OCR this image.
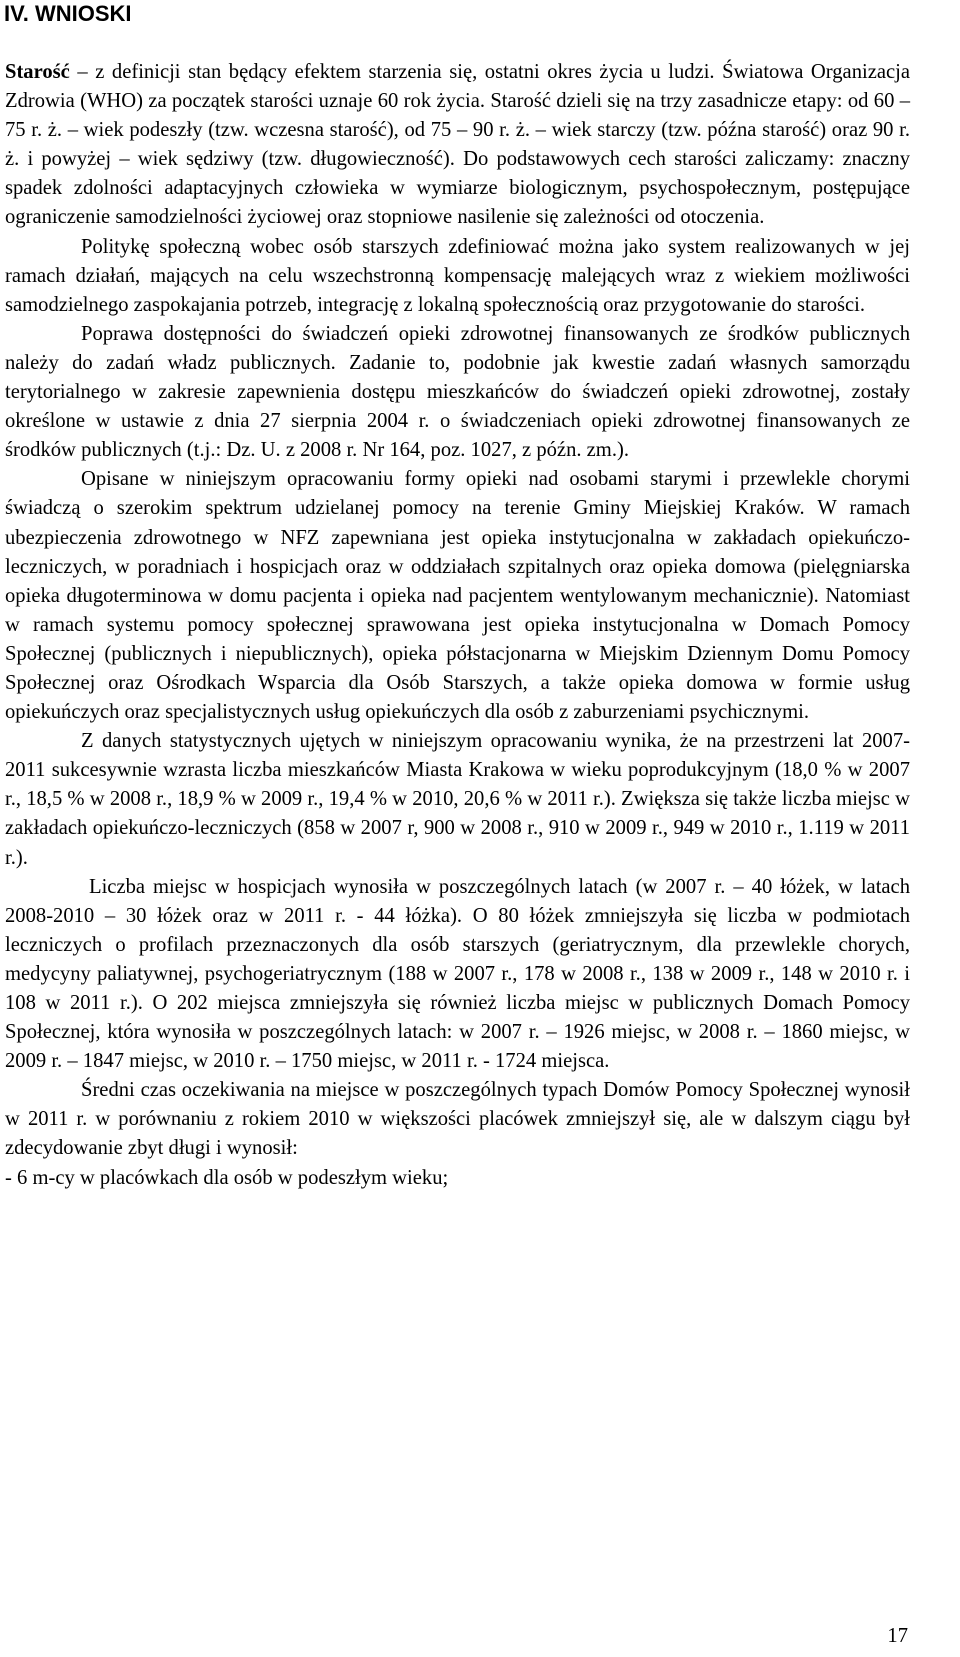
IV. WNIOSKI

Starość – z definicji stan będący efektem starzenia się, ostatni okres życia u ludzi. Światowa Organizacja Zdrowia (WHO) za początek starości uznaje 60 rok życia. Starość dzieli się na trzy zasadnicze etapy: od 60 – 75 r. ż. – wiek podeszły (tzw. wczesna starość), od 75 – 90 r. ż. – wiek starczy (tzw. późna starość) oraz 90 r. ż. i powyżej – wiek sędziwy (tzw. długowieczność). Do podstawowych cech starości zaliczamy: znaczny spadek zdolności adaptacyjnych człowieka w wymiarze biologicznym, psychospołecznym, postępujące ograniczenie samodzielności życiowej oraz stopniowe nasilenie się zależności od otoczenia.

Politykę społeczną wobec osób starszych zdefiniować można jako system realizowanych w jej ramach działań, mających na celu wszechstronną kompensację malejących wraz z wiekiem możliwości samodzielnego zaspokajania potrzeb, integrację z lokalną społecznością oraz przygotowanie do starości.

Poprawa dostępności do świadczeń opieki zdrowotnej finansowanych ze środków publicznych należy do zadań władz publicznych. Zadanie to, podobnie jak kwestie zadań własnych samorządu terytorialnego w zakresie zapewnienia dostępu mieszkańców do świadczeń opieki zdrowotnej, zostały określone w ustawie z dnia 27 sierpnia 2004 r. o świadczeniach opieki zdrowotnej finansowanych ze środków publicznych (t.j.: Dz. U. z 2008 r. Nr 164, poz. 1027, z późn. zm.).

Opisane w niniejszym opracowaniu formy opieki nad osobami starymi i przewlekle chorymi świadczą o szerokim spektrum udzielanej pomocy na terenie Gminy Miejskiej Kraków. W ramach ubezpieczenia zdrowotnego w NFZ zapewniana jest opieka instytucjonalna w zakładach opiekuńczo-leczniczych, w poradniach i hospicjach oraz w oddziałach szpitalnych oraz opieka domowa (pielęgniarska opieka długoterminowa w domu pacjenta i opieka nad pacjentem wentylowanym mechanicznie). Natomiast w ramach systemu pomocy społecznej sprawowana jest opieka instytucjonalna w Domach Pomocy Społecznej (publicznych i niepublicznych), opieka półstacjonarna w Miejskim Dziennym Domu Pomocy Społecznej oraz Ośrodkach Wsparcia dla Osób Starszych, a także opieka domowa w formie usług opiekuńczych oraz specjalistycznych usług opiekuńczych dla osób z zaburzeniami psychicznymi.

Z danych statystycznych ujętych w niniejszym opracowaniu wynika, że na przestrzeni lat 2007-2011 sukcesywnie wzrasta liczba mieszkańców Miasta Krakowa w wieku poprodukcyjnym (18,0 % w 2007 r., 18,5 % w 2008 r., 18,9 % w 2009 r., 19,4 % w 2010, 20,6 % w 2011 r.). Zwiększa się także liczba miejsc w zakładach opiekuńczo-leczniczych (858 w 2007 r, 900 w 2008 r., 910 w 2009 r., 949 w 2010 r., 1.119 w 2011 r.).

Liczba miejsc w hospicjach wynosiła w poszczególnych latach (w 2007 r. – 40 łóżek, w latach 2008-2010 – 30 łóżek oraz w 2011 r. - 44 łóżka). O 80 łóżek zmniejszyła się liczba w podmiotach leczniczych o profilach przeznaczonych dla osób starszych (geriatrycznym, dla przewlekle chorych, medycyny paliatywnej, psychogeriatrycznym (188 w 2007 r., 178 w 2008 r., 138 w 2009 r., 148 w 2010 r. i 108 w 2011 r.). O 202 miejsca zmniejszyła się również liczba miejsc w publicznych Domach Pomocy Społecznej, która wynosiła w poszczególnych latach: w 2007 r. – 1926 miejsc, w 2008 r. – 1860 miejsc, w 2009 r. – 1847 miejsc, w 2010 r. – 1750 miejsc, w 2011 r. - 1724 miejsca.

Średni czas oczekiwania na miejsce w poszczególnych typach Domów Pomocy Społecznej wynosił w 2011 r. w porównaniu z rokiem 2010 w większości placówek zmniejszył się, ale w dalszym ciągu był zdecydowanie zbyt długi i wynosił:

- 6 m-cy w placówkach dla osób w podeszłym wieku;

17
